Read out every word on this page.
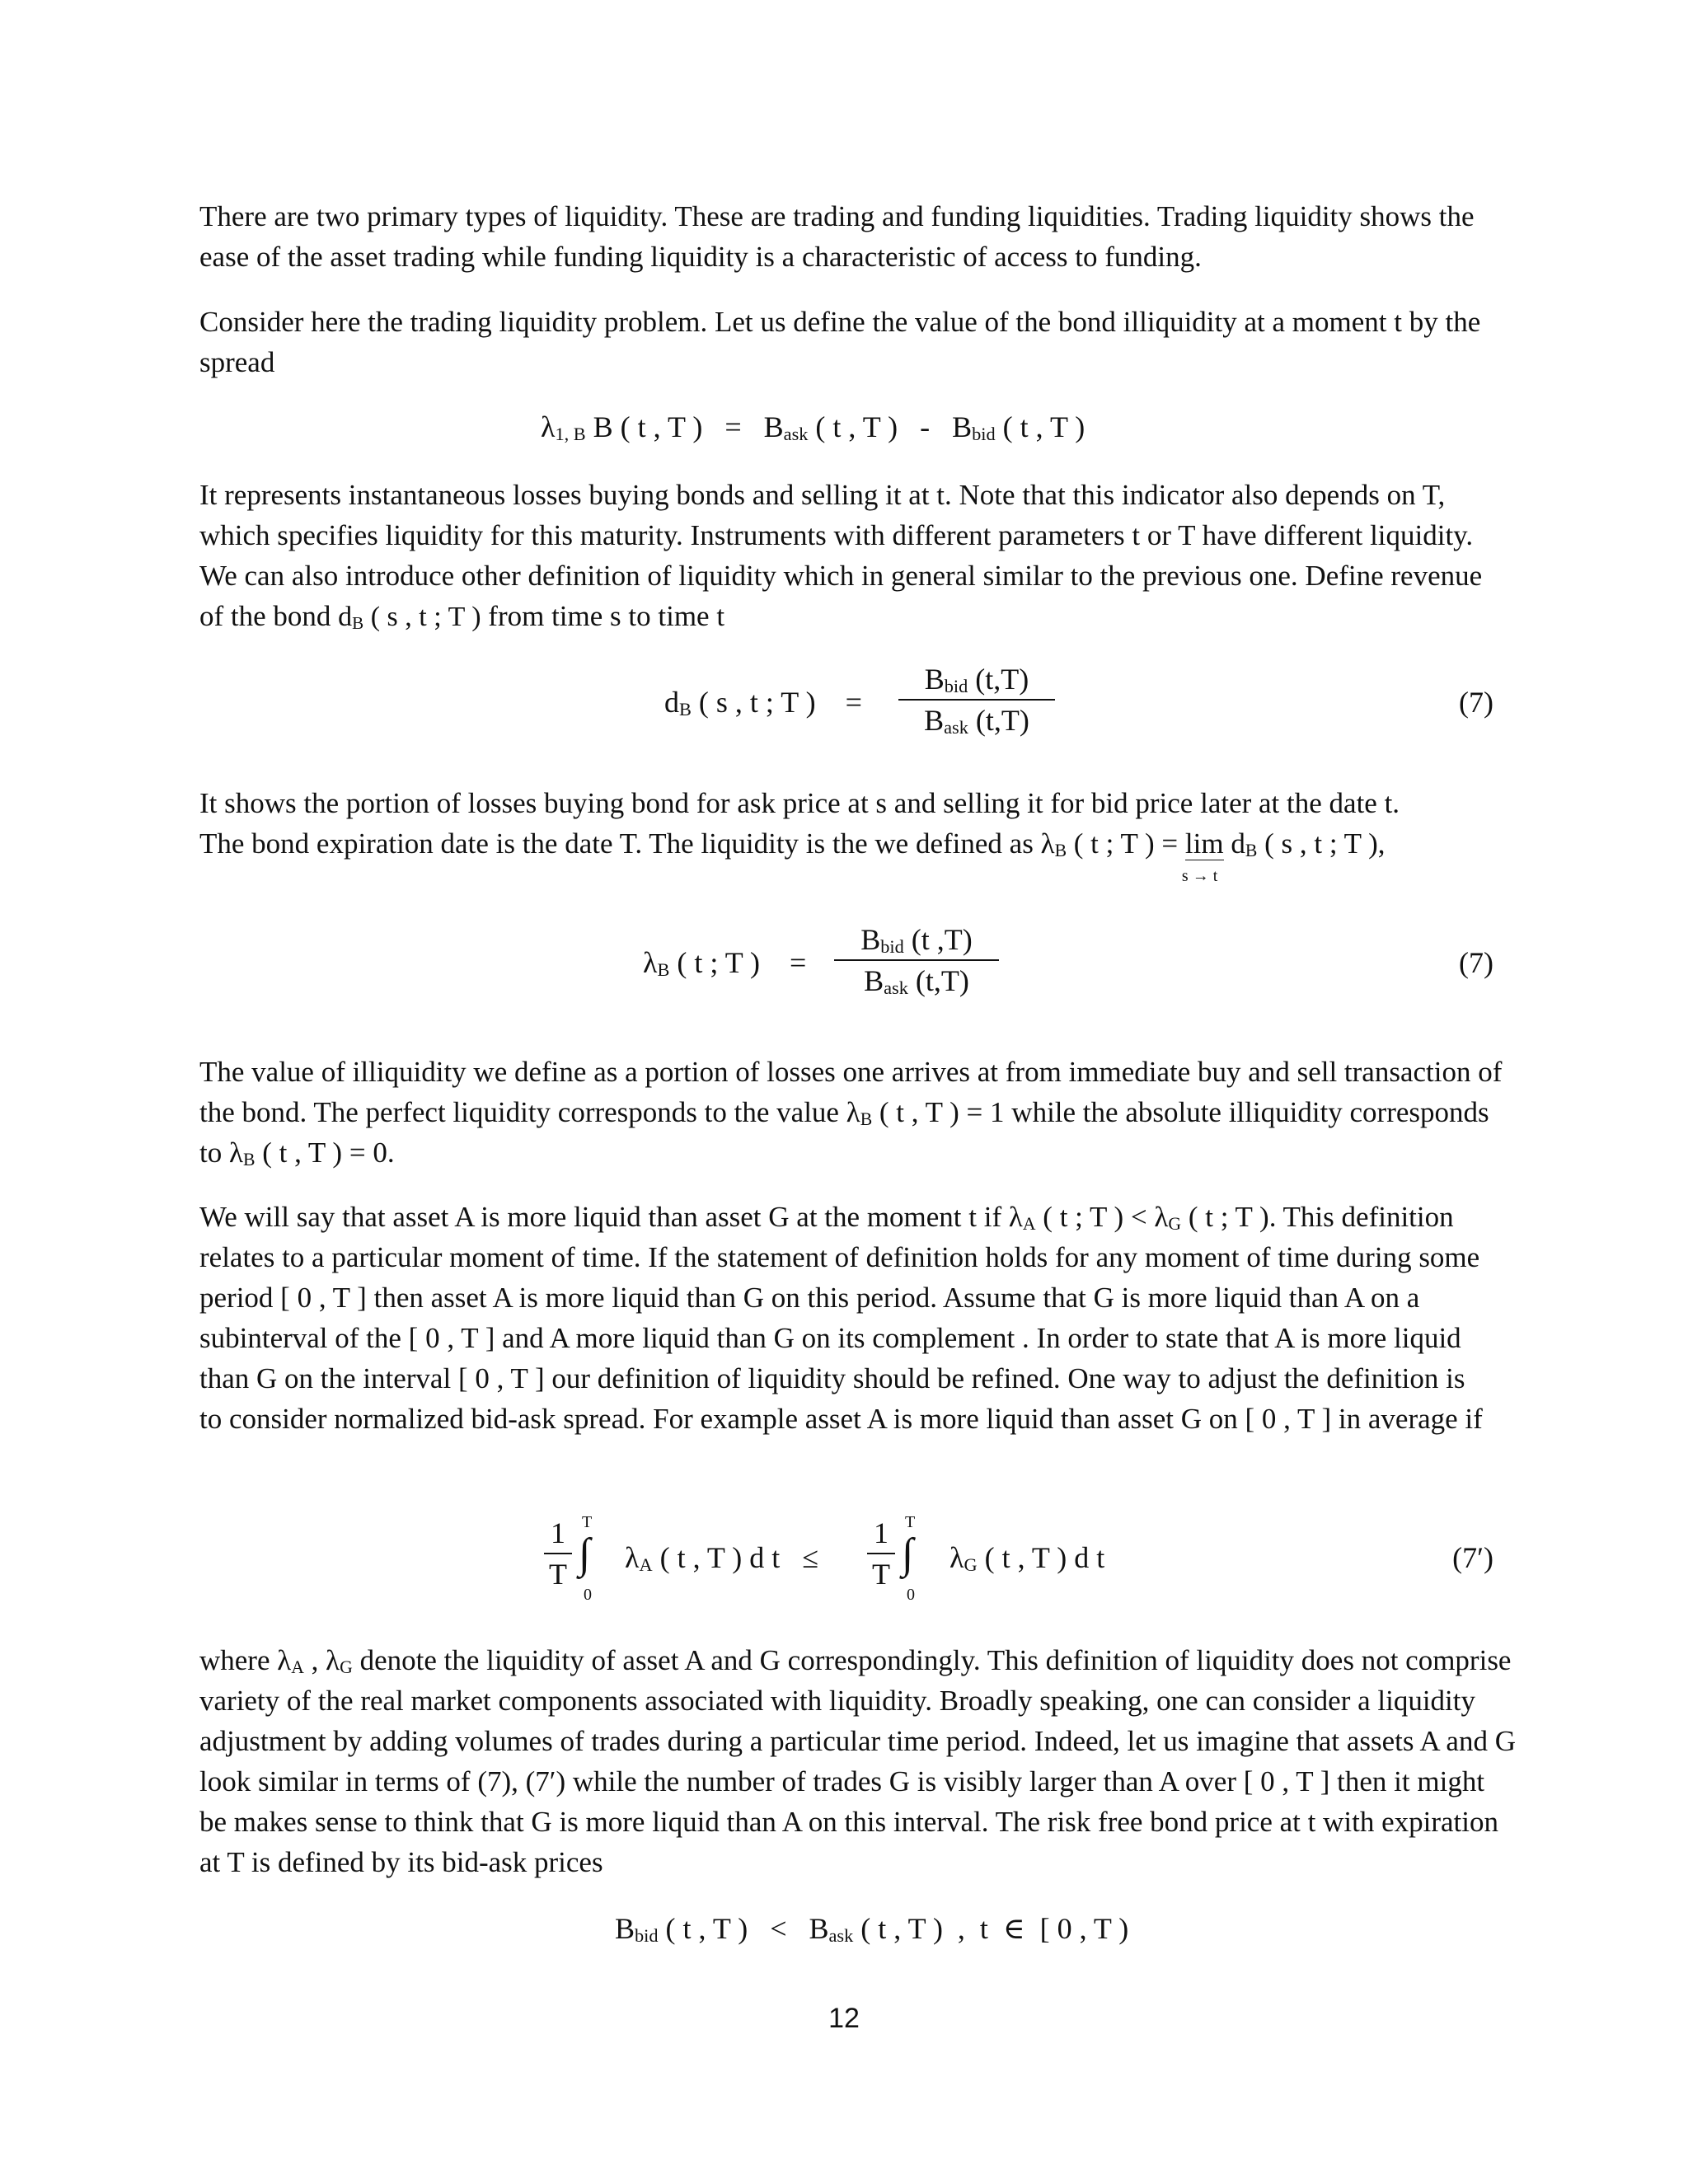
There are two primary types of liquidity. These are trading and funding liquidities. Trading liquidity shows the ease of the asset trading while funding liquidity is a characteristic of access to funding.

Consider here the trading liquidity problem. Let us define the value of the bond illiquidity at a moment t by the spread

$\lambda_{1, B}$ B ( t , T )   =   $B_{ask}$ ( t , T )   -   $B_{bid}$ ( t , T )

It represents instantaneous losses buying bonds and selling it at t. Note that this indicator also depends on T, which specifies liquidity for this maturity. Instruments with different parameters t or T have different liquidity. We can also introduce other definition of liquidity which in general similar to the previous one. Define revenue of the bond $d_B$ ( s , t ; T ) from time s to time t

$d_B$ ( s , t ; T )    =
$B_{bid}$ (t,T)
$B_{ask}$ (t,T)
(7)

It shows the portion of losses buying bond for ask price at s and selling it for bid price later at the date t.
The bond expiration date is the date T. The liquidity is the we defined as $\lambda_B$ ( t ; T ) = lim
s → t
$d_B$ ( s , t ; T ),

$\lambda_B$ ( t ; T )    =
$B_{bid}$ (t ,T)
$B_{ask}$ (t,T)
(7)

The value of illiquidity we define as a portion of losses one arrives at from immediate buy and sell transaction of the bond. The perfect liquidity corresponds to the value $\lambda_B$ ( t , T ) = 1 while the absolute illiquidity corresponds to $\lambda_B$ ( t , T ) = 0.

We will say that asset A is more liquid than asset G at the moment t if $\lambda_A$ ( t ; T ) < $\lambda_G$ ( t ; T ). This definition relates to a particular moment of time. If the statement of definition holds for any moment of time during some period [ 0 , T ] then asset A is more liquid than G on this period. Assume that G is more liquid than A on a subinterval of the [ 0 , T ] and A more liquid than G on its complement . In order to state that A is more liquid than G on the interval [ 0 , T ] our definition of liquidity should be refined. One way to adjust the definition is to consider normalized bid-ask spread. For example asset A is more liquid than asset G on [ 0 , T ] in average if

1
T
T
∫
0
$\lambda_A$ ( t , T ) d t   ≤
1
T
T
∫
0
$\lambda_G$ ( t , T ) d t	(7′)

where $\lambda_A$ , $\lambda_G$ denote the liquidity of asset A and G correspondingly. This definition of liquidity does not comprise variety of the real market components associated with liquidity. Broadly speaking, one can consider a liquidity adjustment by adding volumes of trades during a particular time period. Indeed, let us imagine that assets A and G look similar in terms of (7), (7′) while the number of trades G is visibly larger than A over [ 0 , T ] then it might be makes sense to think that G is more liquid than A on this interval. The risk free bond price at t with expiration at T is defined by its bid-ask prices

$B_{bid}$ ( t , T )   <   $B_{ask}$ ( t , T )  ,  t  ∈  [ 0 , T )
12
